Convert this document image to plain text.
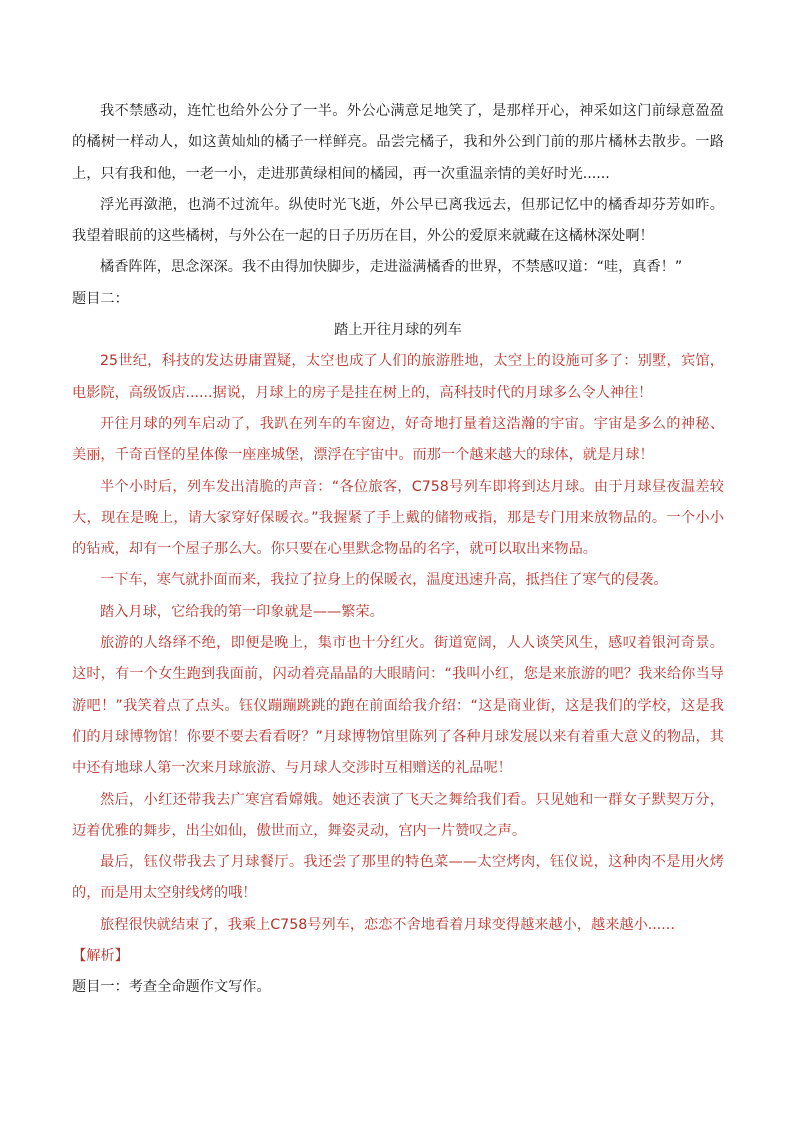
我不禁感动，连忙也给外公分了一半。外公心满意足地笑了，是那样开心，神采如这门前绿意盈盈的橘树一样动人，如这黄灿灿的橘子一样鲜亮。品尝完橘子，我和外公到门前的那片橘林去散步。一路上，只有我和他，一老一小，走进那黄绿相间的橘园，再一次重温亲情的美好时光......

浮光再潋滟，也淌不过流年。纵使时光飞逝，外公早已离我远去，但那记忆中的橘香却芬芳如昨。我望着眼前的这些橘树，与外公在一起的日子历历在目，外公的爱原来就藏在这橘林深处啊！

橘香阵阵，思念深深。我不由得加快脚步，走进溢满橘香的世界，不禁感叹道：“哇，真香！”

题目二：

踏上开往月球的列车

25世纪，科技的发达毋庸置疑，太空也成了人们的旅游胜地，太空上的设施可多了：别墅，宾馆，电影院，高级饭店......据说，月球上的房子是挂在树上的，高科技时代的月球多么令人神往！

开往月球的列车启动了，我趴在列车的车窗边，好奇地打量着这浩瀚的宇宙。宇宙是多么的神秘、美丽，千奇百怪的星体像一座座城堡，漂浮在宇宙中。而那一个越来越大的球体，就是月球！

半个小时后，列车发出清脆的声音：“各位旅客，C758号列车即将到达月球。由于月球昼夜温差较大，现在是晚上，请大家穿好保暖衣。”我握紧了手上戴的储物戒指，那是专门用来放物品的。一个小小的钻戒，却有一个屋子那么大。你只要在心里默念物品的名字，就可以取出来物品。

一下车，寒气就扑面而来，我拉了拉身上的保暖衣，温度迅速升高，抵挡住了寒气的侵袭。

踏入月球，它给我的第一印象就是——繁荣。

旅游的人络绎不绝，即便是晚上，集市也十分红火。街道宽阔，人人谈笑风生，感叹着银河奇景。这时，有一个女生跑到我面前，闪动着亮晶晶的大眼睛问：“我叫小红，您是来旅游的吧？我来给你当导游吧！”我笑着点了点头。钰仪蹦蹦跳跳的跑在前面给我介绍：“这是商业街，这是我们的学校，这是我们的月球博物馆！你要不要去看看呀？”月球博物馆里陈列了各种月球发展以来有着重大意义的物品，其中还有地球人第一次来月球旅游、与月球人交涉时互相赠送的礼品呢！

然后，小红还带我去广寒宫看嫦娥。她还表演了飞天之舞给我们看。只见她和一群女子默契万分，迈着优雅的舞步，出尘如仙，傲世而立，舞姿灵动，宫内一片赞叹之声。

最后，钰仪带我去了月球餐厅。我还尝了那里的特色菜——太空烤肉，钰仪说，这种肉不是用火烤的，而是用太空射线烤的哦！

旅程很快就结束了，我乘上C758号列车，恋恋不舍地看着月球变得越来越小，越来越小......

【解析】

题目一：考查全命题作文写作。
